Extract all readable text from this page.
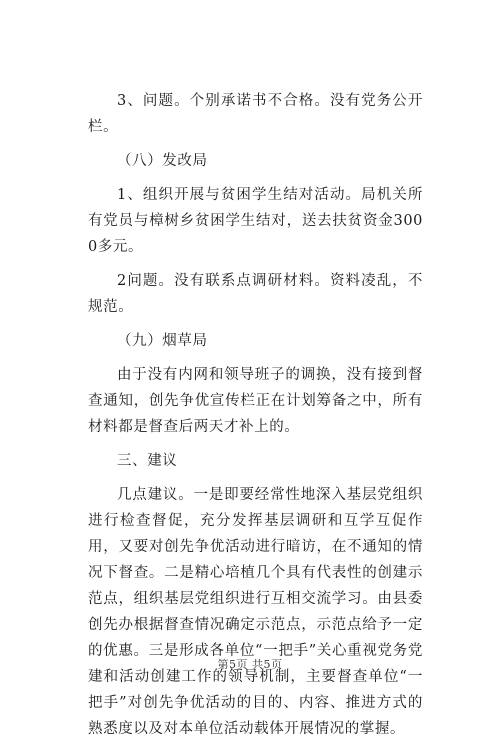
3、问题。个别承诺书不合格。没有党务公开栏。

（八）发改局

1、组织开展与贫困学生结对活动。局机关所有党员与樟树乡贫困学生结对，送去扶贫资金3000多元。

2问题。没有联系点调研材料。资料凌乱，不规范。

（九）烟草局

由于没有内网和领导班子的调换，没有接到督查通知，创先争优宣传栏正在计划筹备之中，所有材料都是督查后两天才补上的。

三、建议

几点建议。一是即要经常性地深入基层党组织进行检查督促，充分发挥基层调研和互学互促作用，又要对创先争优活动进行暗访，在不通知的情况下督查。二是精心培植几个具有代表性的创建示范点，组织基层党组织进行互相交流学习。由县委创先办根据督查情况确定示范点，示范点给予一定的优惠。三是形成各单位“一把手”关心重视党务党建和活动创建工作的领导机制，主要督查单位“一把手”对创先争优活动的目的、内容、推进方式的熟悉度以及对本单位活动载体开展情况的掌握。

第5页 共5页
